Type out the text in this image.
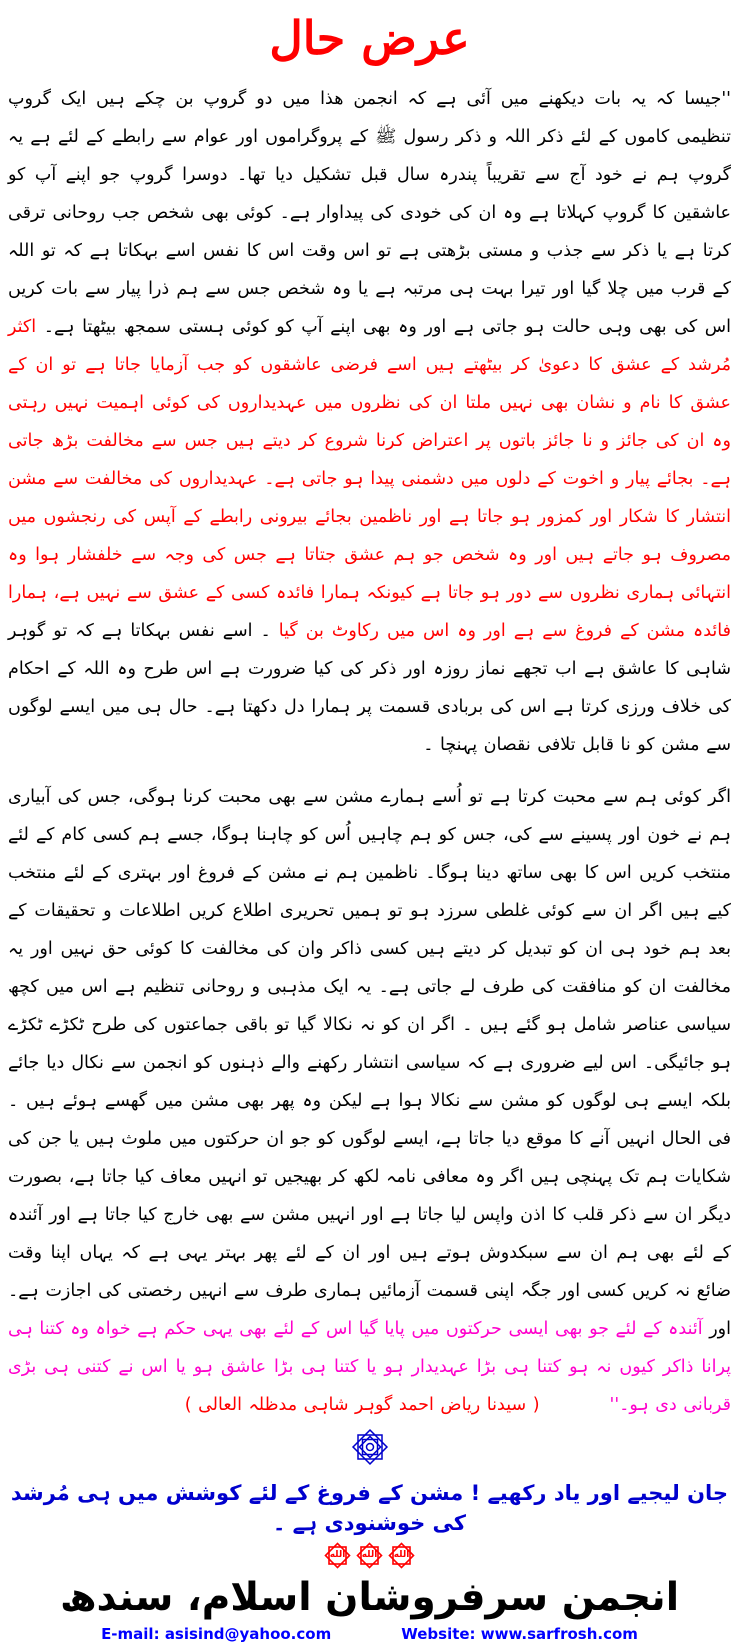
عرض حال
''جیسا کہ یہ بات دیکھنے میں آئی ہے کہ انجمن ھذا میں دو گروپ بن چکے ہیں ایک گروپ تنظیمی کاموں کے لئے ذکر اللہ و ذکر رسول ﷺ کے پروگراموں اور عوام سے رابطے کے لئے ہے یہ گروپ ہم نے خود آج سے تقریباً پندرہ سال قبل تشکیل دیا تھا۔ دوسرا گروپ جو اپنے آپ کو عاشقین کا گروپ کہلاتا ہے وہ ان کی خودی کی پیداوار ہے۔ کوئی بھی شخص جب روحانی ترقی کرتا ہے یا ذکر سے جذب و مستی بڑھتی ہے تو اس وقت اس کا نفس اسے بہکاتا ہے کہ تو اللہ کے قرب میں چلا گیا اور تیرا بہت ہی مرتبہ ہے یا وہ شخص جس سے ہم ذرا پیار سے بات کریں اس کی بھی وہی حالت ہو جاتی ہے اور وہ بھی اپنے آپ کو کوئی ہستی سمجھ بیٹھتا ہے۔ اکثر مُرشد کے عشق کا دعویٰ کر بیٹھتے ہیں اسے فرضی عاشقوں کو جب آزمایا جاتا ہے تو ان کے عشق کا نام و نشان بھی نہیں ملتا ان کی نظروں میں عہدیداروں کی کوئی اہمیت نہیں رہتی وہ ان کی جائز و نا جائز باتوں پر اعتراض کرنا شروع کر دیتے ہیں جس سے مخالفت بڑھ جاتی ہے۔ بجائے پیار و اخوت کے دلوں میں دشمنی پیدا ہو جاتی ہے۔ عہدیداروں کی مخالفت سے مشن انتشار کا شکار اور کمزور ہو جاتا ہے اور ناظمین بجائے بیرونی رابطے کے آپس کی رنجشوں میں مصروف ہو جاتے ہیں اور وہ شخص جو ہم عشق جتاتا ہے جس کی وجہ سے خلفشار ہوا وہ انتہائی ہماری نظروں سے دور ہو جاتا ہے کیونکہ ہمارا فائدہ کسی کے عشق سے نہیں ہے، ہمارا فائدہ مشن کے فروغ سے ہے اور وہ اس میں رکاوٹ بن گیا ۔ اسے نفس بہکاتا ہے کہ تو گوہر شاہی کا عاشق ہے اب تجھے نماز روزہ اور ذکر کی کیا ضرورت ہے اس طرح وہ اللہ کے احکام کی خلاف ورزی کرتا ہے اس کی بربادی قسمت پر ہمارا دل دکھتا ہے۔ حال ہی میں ایسے لوگوں سے مشن کو نا قابل تلافی نقصان پہنچا ۔
اگر کوئی ہم سے محبت کرتا ہے تو اُسے ہمارے مشن سے بھی محبت کرنا ہوگی، جس کی آبیاری ہم نے خون اور پسینے سے کی، جس کو ہم چاہیں اُس کو چاہنا ہوگا، جسے ہم کسی کام کے لئے منتخب کریں اس کا بھی ساتھ دینا ہوگا۔ ناظمین ہم نے مشن کے فروغ اور بہتری کے لئے منتخب کیے ہیں اگر ان سے کوئی غلطی سرزد ہو تو ہمیں تحریری اطلاع کریں اطلاعات و تحقیقات کے بعد ہم خود ہی ان کو تبدیل کر دیتے ہیں کسی ذاکر وان کی مخالفت کا کوئی حق نہیں اور یہ مخالفت ان کو منافقت کی طرف لے جاتی ہے۔ یہ ایک مذہبی و روحانی تنظیم ہے اس میں کچھ سیاسی عناصر شامل ہو گئے ہیں ۔ اگر ان کو نہ نکالا گیا تو باقی جماعتوں کی طرح ٹکڑے ٹکڑے ہو جائیگی۔ اس لیے ضروری ہے کہ سیاسی انتشار رکھنے والے ذہنوں کو انجمن سے نکال دیا جائے بلکہ ایسے ہی لوگوں کو مشن سے نکالا ہوا ہے لیکن وہ پھر بھی مشن میں گھسے ہوئے ہیں ۔ فی الحال انہیں آنے کا موقع دیا جاتا ہے، ایسے لوگوں کو جو ان حرکتوں میں ملوث ہیں یا جن کی شکایات ہم تک پہنچی ہیں اگر وہ معافی نامہ لکھ کر بھیجیں تو انہیں معاف کیا جاتا ہے، بصورت دیگر ان سے ذکر قلب کا اذن واپس لیا جاتا ہے اور انہیں مشن سے بھی خارج کیا جاتا ہے اور آئندہ کے لئے بھی ہم ان سے سبکدوش ہوتے ہیں اور ان کے لئے پھر بہتر یہی ہے کہ یہاں اپنا وقت ضائع نہ کریں کسی اور جگہ اپنی قسمت آزمائیں ہماری طرف سے انہیں رخصتی کی اجازت ہے۔ اور آئندہ کے لئے جو بھی ایسی حرکتوں میں پایا گیا اس کے لئے بھی یہی حکم ہے خواہ وہ کتنا ہی پرانا ذاکر کیوں نہ ہو کتنا ہی بڑا عہدیدار ہو یا کتنا ہی بڑا عاشق ہو یا اس نے کتنی ہی بڑی قربانی دی ہو۔''( سیدنا ریاض احمد گوہر شاہی مدظلہ العالی )
جان لیجیے اور یاد رکھیے ! مشن کے فروغ کے لئے کوشش میں ہی مُرشد کی خوشنودی ہے ۔
الله
الله
الله
انجمن سرفروشان اسلام، سندھ
E-mail: asisind@yahoo.com	Website: www.sarfrosh.com
